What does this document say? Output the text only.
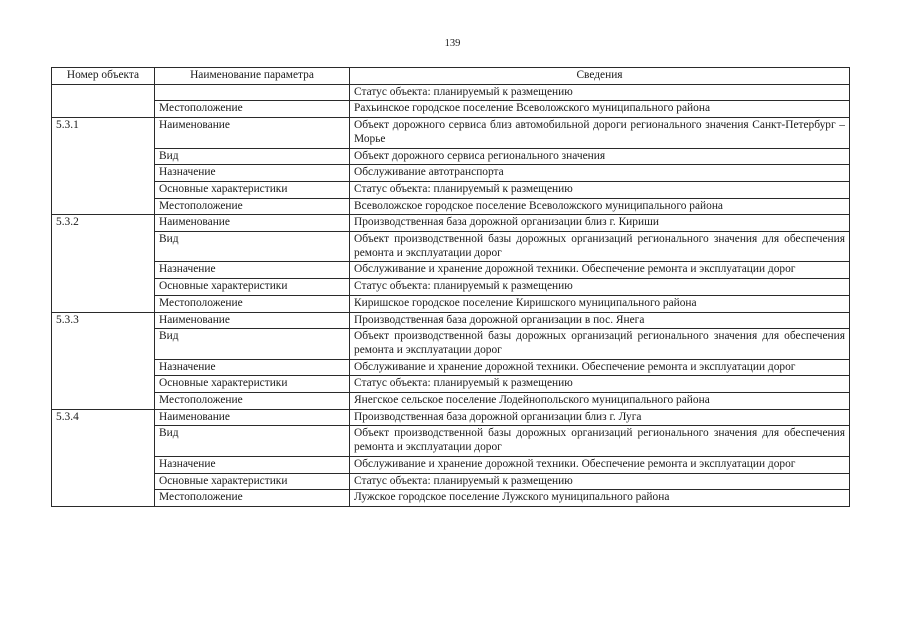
139
Номер объекта	Наименование параметра	Сведения
		Статус объекта: планируемый к размещению
	Местоположение	Рахьинское городское поселение Всеволожского муниципального района
5.3.1	Наименование	Объект дорожного сервиса близ автомобильной дороги регионального значения Санкт-Петербург – Морье
	Вид	Объект дорожного сервиса регионального значения
	Назначение	Обслуживание автотранспорта
	Основные характеристики	Статус объекта: планируемый к размещению
	Местоположение	Всеволожское городское поселение Всеволожского муниципального района
5.3.2	Наименование	Производственная база дорожной организации близ г. Кириши
	Вид	Объект производственной базы дорожных организаций регионального значения для обеспечения ремонта и эксплуатации дорог
	Назначение	Обслуживание и хранение дорожной техники. Обеспечение ремонта и эксплуатации дорог
	Основные характеристики	Статус объекта: планируемый к размещению
	Местоположение	Киришское городское поселение Киришского муниципального района
5.3.3	Наименование	Производственная база дорожной организации в пос. Янега
	Вид	Объект производственной базы дорожных организаций регионального значения для обеспечения ремонта и эксплуатации дорог
	Назначение	Обслуживание и хранение дорожной техники. Обеспечение ремонта и эксплуатации дорог
	Основные характеристики	Статус объекта: планируемый к размещению
	Местоположение	Янегское сельское поселение Лодейнопольского муниципального района
5.3.4	Наименование	Производственная база дорожной организации близ г. Луга
	Вид	Объект производственной базы дорожных организаций регионального значения для обеспечения ремонта и эксплуатации дорог
	Назначение	Обслуживание и хранение дорожной техники. Обеспечение ремонта и эксплуатации дорог
	Основные характеристики	Статус объекта: планируемый к размещению
	Местоположение	Лужское городское поселение Лужского муниципального района
